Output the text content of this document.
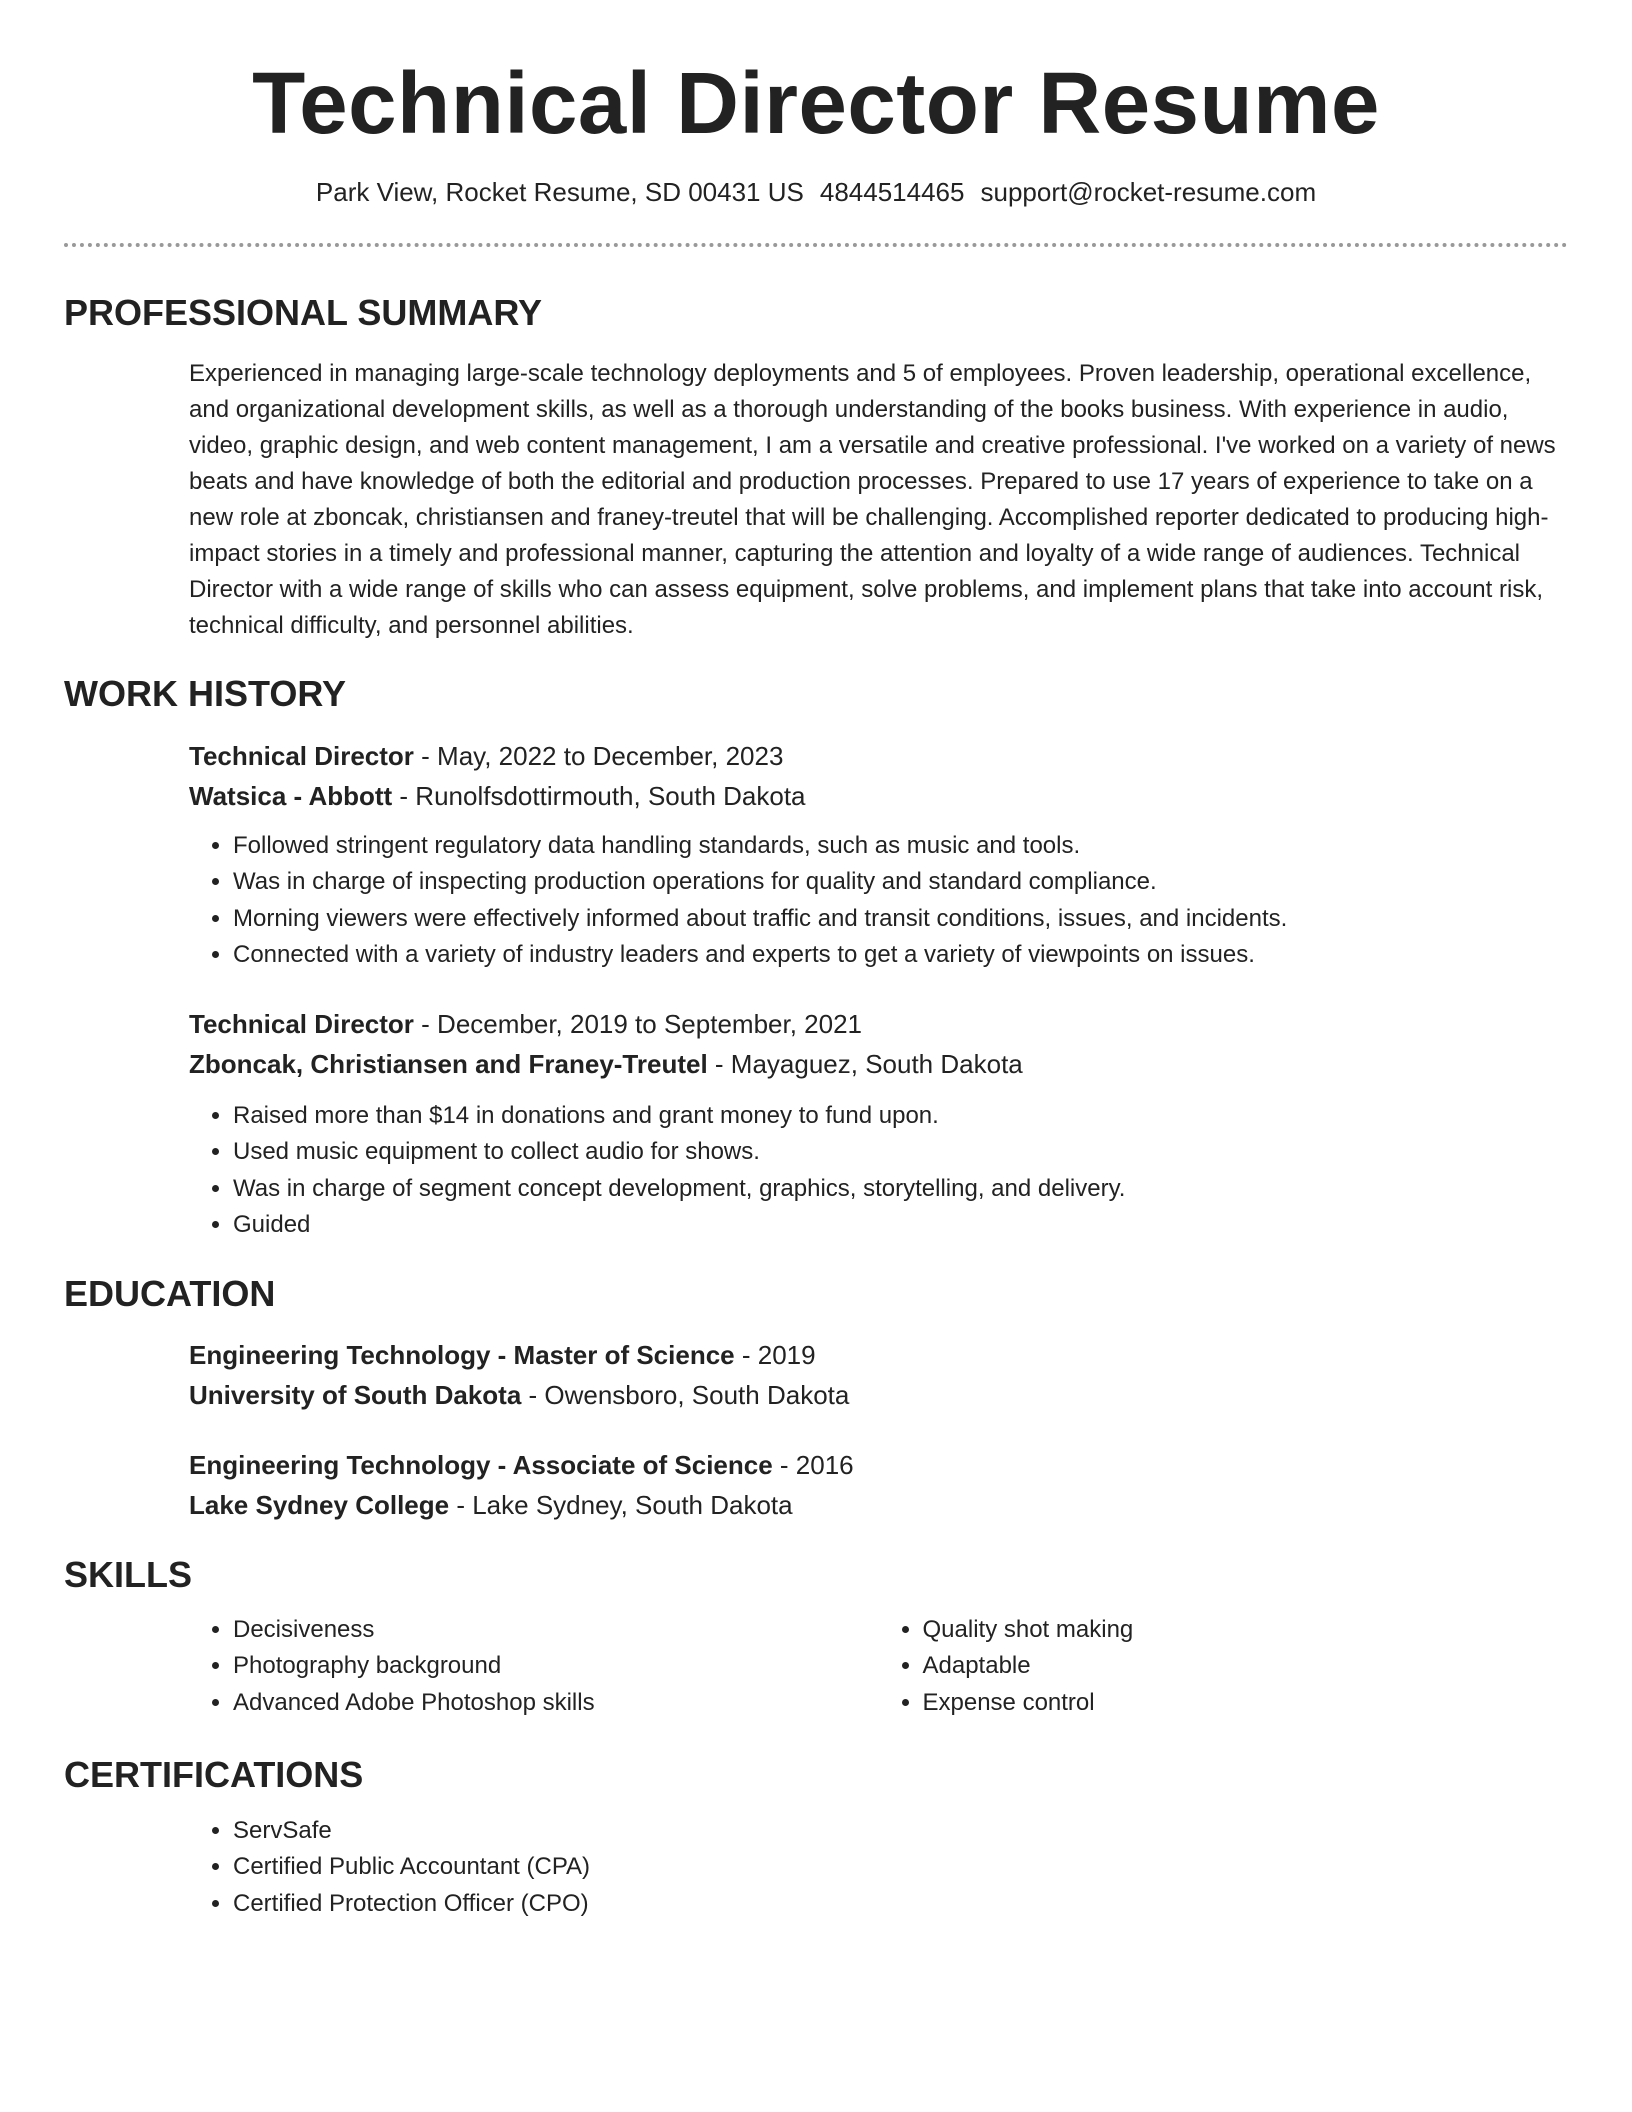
Technical Director Resume
Park View, Rocket Resume, SD 00431 US 4844514465 support@rocket-resume.com
PROFESSIONAL SUMMARY
Experienced in managing large-scale technology deployments and 5 of employees. Proven leadership, operational excellence, and organizational development skills, as well as a thorough understanding of the books business. With experience in audio, video, graphic design, and web content management, I am a versatile and creative professional. I've worked on a variety of news beats and have knowledge of both the editorial and production processes. Prepared to use 17 years of experience to take on a new role at zboncak, christiansen and franey-treutel that will be challenging. Accomplished reporter dedicated to producing high-impact stories in a timely and professional manner, capturing the attention and loyalty of a wide range of audiences. Technical Director with a wide range of skills who can assess equipment, solve problems, and implement plans that take into account risk, technical difficulty, and personnel abilities.
WORK HISTORY
Technical Director - May, 2022 to December, 2023
Watsica - Abbott - Runolfsdottirmouth, South Dakota
• Followed stringent regulatory data handling standards, such as music and tools.
• Was in charge of inspecting production operations for quality and standard compliance.
• Morning viewers were effectively informed about traffic and transit conditions, issues, and incidents.
• Connected with a variety of industry leaders and experts to get a variety of viewpoints on issues.
Technical Director - December, 2019 to September, 2021
Zboncak, Christiansen and Franey-Treutel - Mayaguez, South Dakota
• Raised more than $14 in donations and grant money to fund upon.
• Used music equipment to collect audio for shows.
• Was in charge of segment concept development, graphics, storytelling, and delivery.
• Guided
EDUCATION
Engineering Technology - Master of Science - 2019
University of South Dakota - Owensboro, South Dakota
Engineering Technology - Associate of Science - 2016
Lake Sydney College - Lake Sydney, South Dakota
SKILLS
• Decisiveness
• Photography background
• Advanced Adobe Photoshop skills
• Quality shot making
• Adaptable
• Expense control
CERTIFICATIONS
• ServSafe
• Certified Public Accountant (CPA)
• Certified Protection Officer (CPO)
